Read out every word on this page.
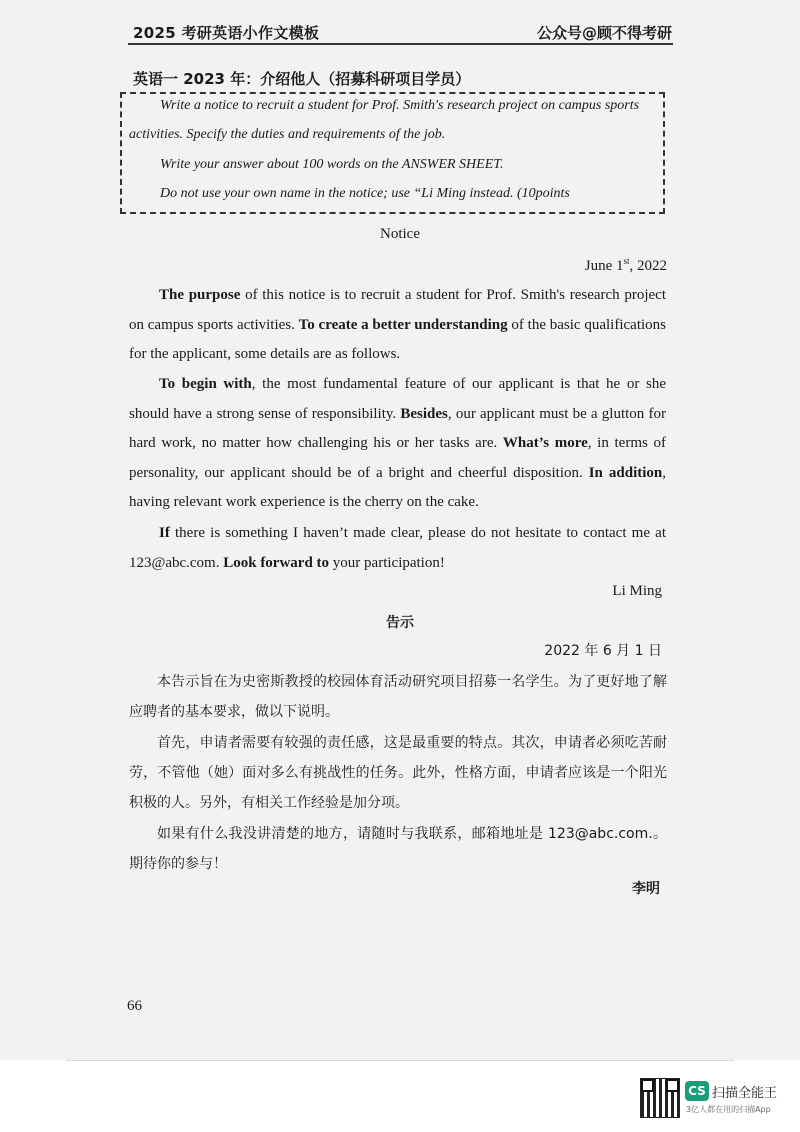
2025 考研英语小作文模板	公众号@顾不得考研
英语一 2023 年：介绍他人（招募科研项目学员）
Write a notice to recruit a student for Prof. Smith's research project on campus sports
activities. Specify the duties and requirements of the job.
Write your answer about 100 words on the ANSWER SHEET.
Do not use your own name in the notice; use “Li Ming instead. (10points
Notice
June 1st, 2022
The purpose of this notice is to recruit a student for Prof. Smith's research project on campus sports activities. To create a better understanding of the basic qualifications for the applicant, some details are as follows.
To begin with, the most fundamental feature of our applicant is that he or she should have a strong sense of responsibility. Besides, our applicant must be a glutton for hard work, no matter how challenging his or her tasks are. What’s more, in terms of personality, our applicant should be of a bright and cheerful disposition. In addition, having relevant work experience is the cherry on the cake.
If there is something I haven’t made clear, please do not hesitate to contact me at 123@abc.com. Look forward to your participation!
Li Ming
告示
2022 年 6 月 1 日
本告示旨在为史密斯教授的校园体育活动研究项目招募一名学生。为了更好地了解应聘者的基本要求，做以下说明。
首先，申请者需要有较强的责任感，这是最重要的特点。其次，申请者必须吃苦耐劳，不管他（她）面对多么有挑战性的任务。此外，性格方面，申请者应该是一个阳光积极的人。另外，有相关工作经验是加分项。
如果有什么我没讲清楚的地方，请随时与我联系，邮箱地址是 123@abc.com.。期待你的参与！
李明
66
CS 扫描全能王
3亿人都在用的扫描App
